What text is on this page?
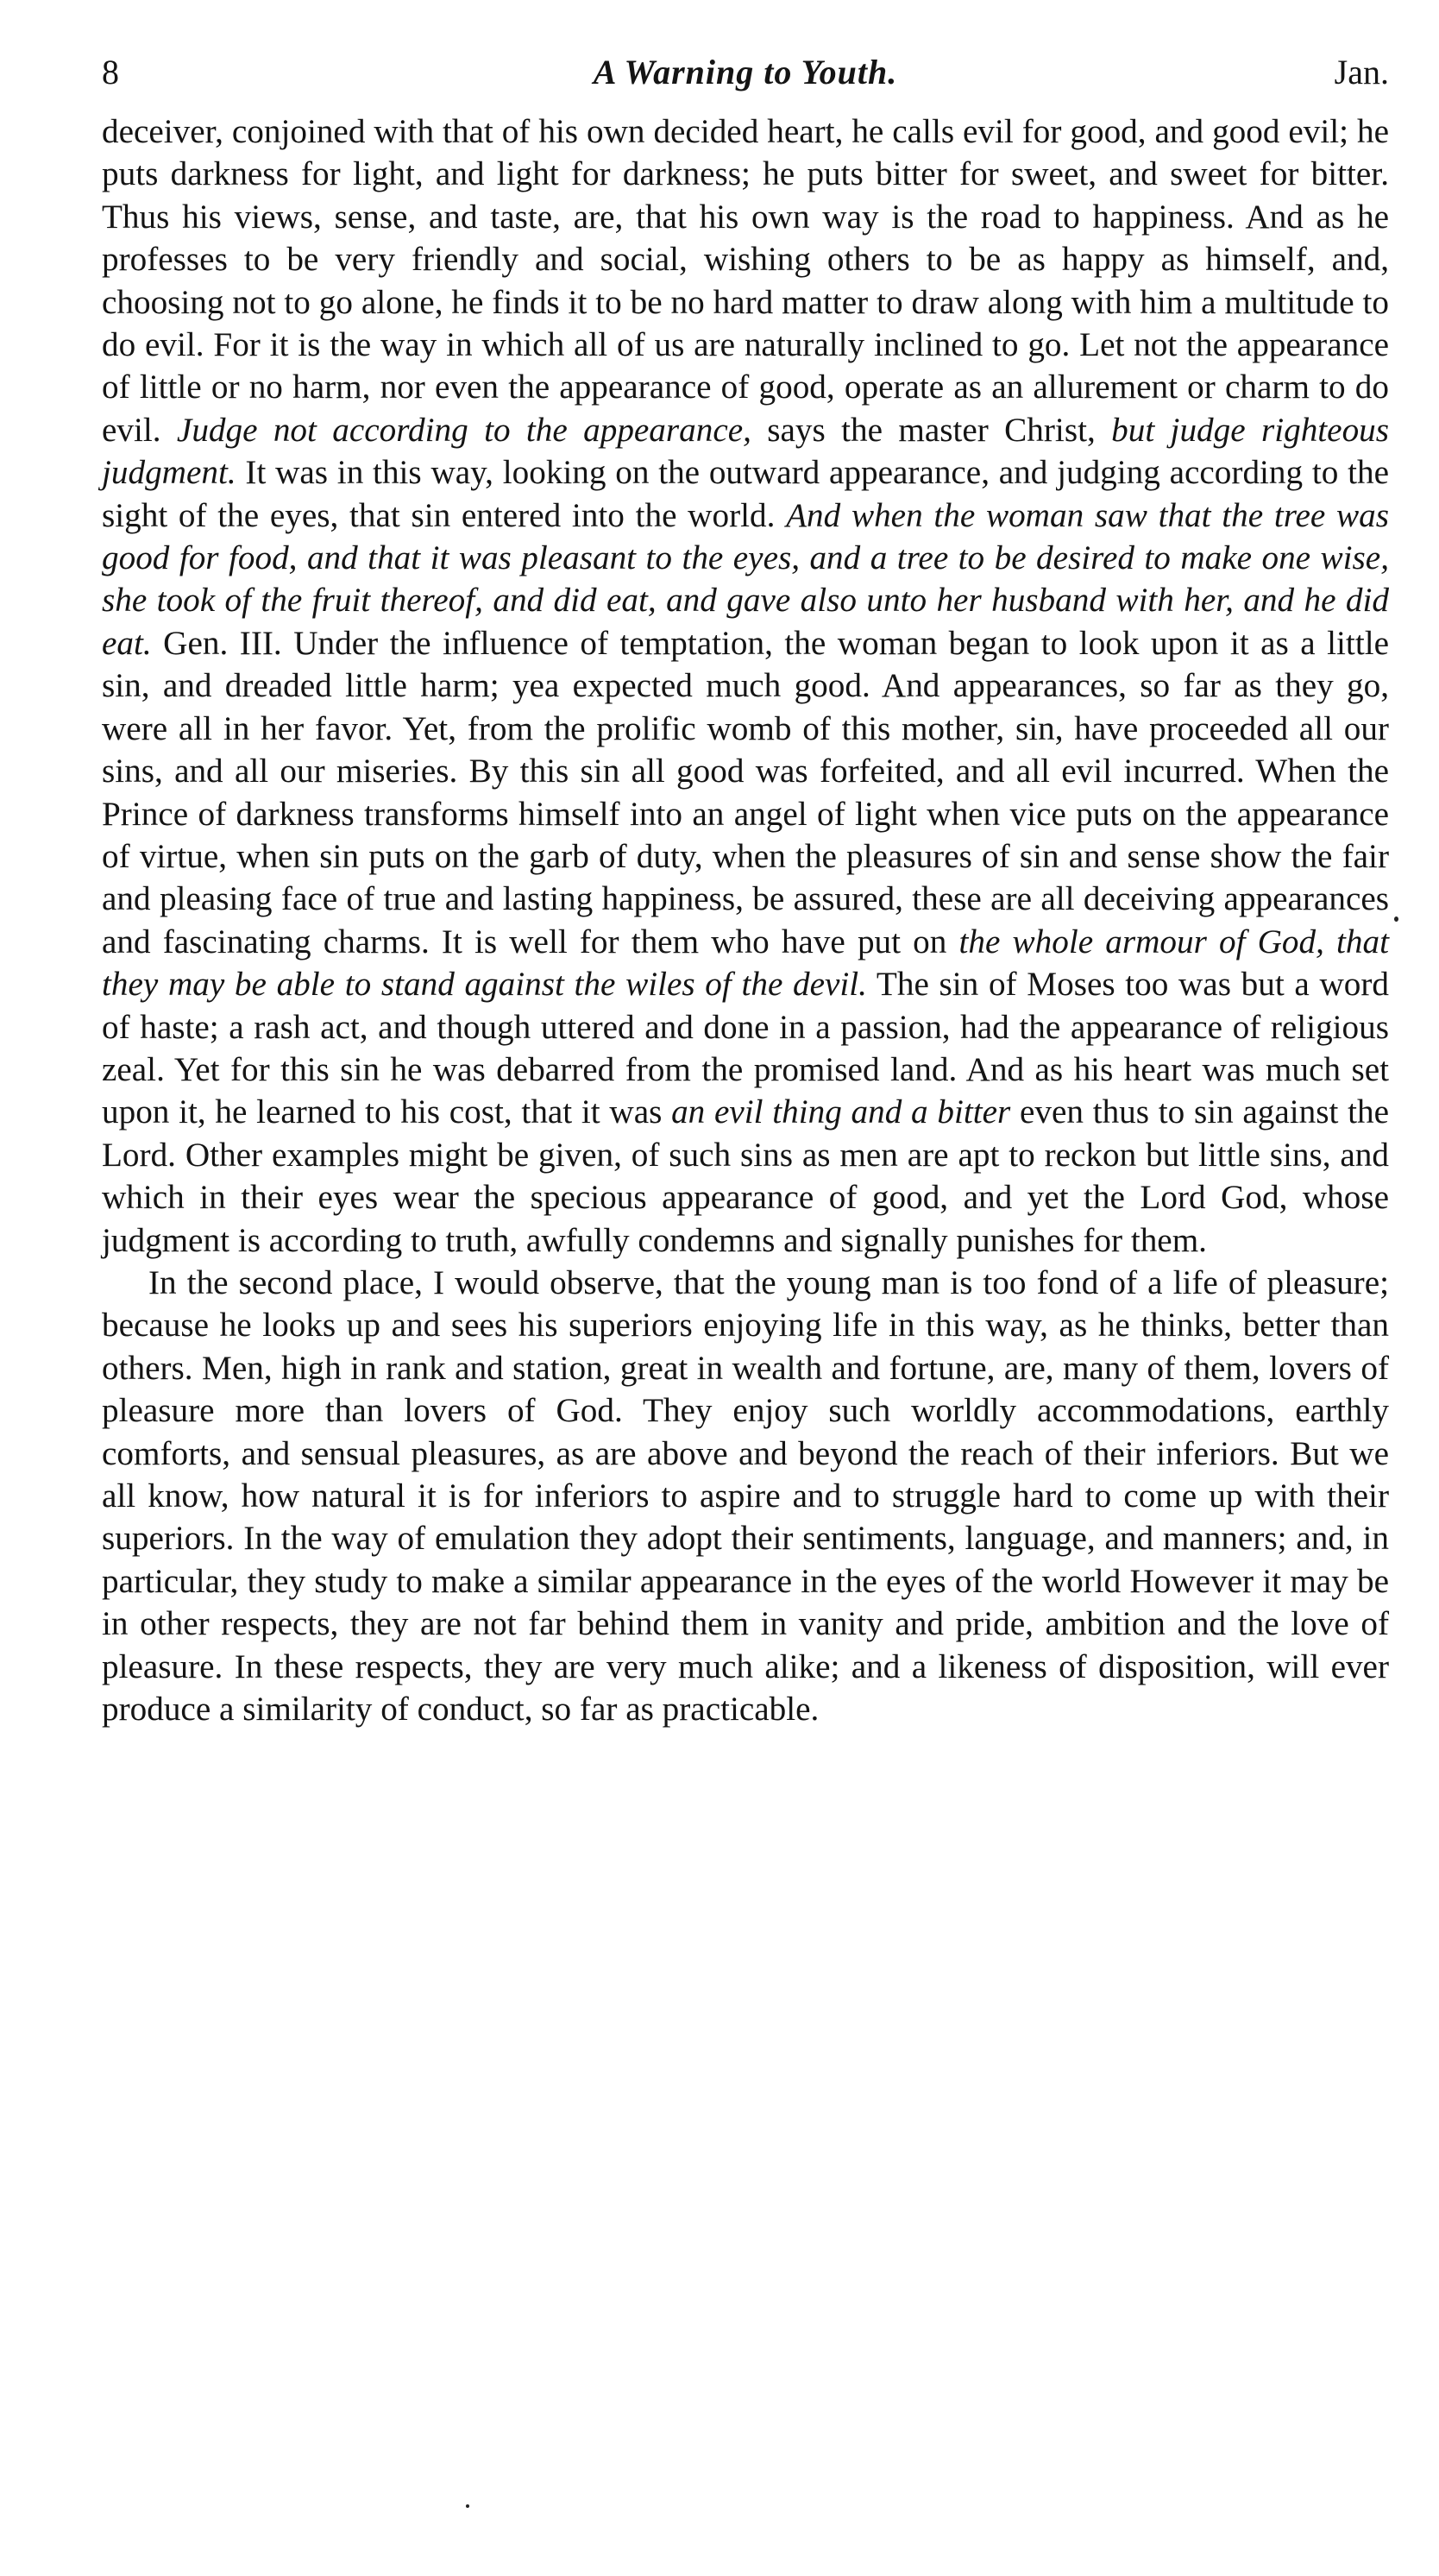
8	A Warning to Youth.	Jan.

deceiver, conjoined with that of his own decided heart, he calls evil for good, and good evil; he puts darkness for light, and light for darkness; he puts bitter for sweet, and sweet for bitter. Thus his views, sense, and taste, are, that his own way is the road to happiness. And as he professes to be very friendly and social, wishing others to be as happy as himself, and, choosing not to go alone, he finds it to be no hard matter to draw along with him a multitude to do evil. For it is the way in which all of us are naturally inclined to go. Let not the appearance of little or no harm, nor even the appearance of good, operate as an allurement or charm to do evil. Judge not according to the appearance, says the master Christ, but judge righteous judgment. It was in this way, looking on the outward appearance, and judging according to the sight of the eyes, that sin entered into the world. And when the woman saw that the tree was good for food, and that it was pleasant to the eyes, and a tree to be desired to make one wise, she took of the fruit thereof, and did eat, and gave also unto her husband with her, and he did eat. Gen. III. Under the influence of temptation, the woman began to look upon it as a little sin, and dreaded little harm; yea expected much good. And appearances, so far as they go, were all in her favor. Yet, from the prolific womb of this mother, sin, have proceeded all our sins, and all our miseries. By this sin all good was forfeited, and all evil incurred. When the Prince of darkness transforms himself into an angel of light when vice puts on the appearance of virtue, when sin puts on the garb of duty, when the pleasures of sin and sense show the fair and pleasing face of true and lasting happiness, be assured, these are all deceiving appearances and fascinating charms. It is well for them who have put on the whole armour of God, that they may be able to stand against the wiles of the devil. The sin of Moses too was but a word of haste; a rash act, and though uttered and done in a passion, had the appearance of religious zeal. Yet for this sin he was debarred from the promised land. And as his heart was much set upon it, he learned to his cost, that it was an evil thing and a bitter even thus to sin against the Lord. Other examples might be given, of such sins as men are apt to reckon but little sins, and which in their eyes wear the specious appearance of good, and yet the Lord God, whose judgment is according to truth, awfully condemns and signally punishes for them.

In the second place, I would observe, that the young man is too fond of a life of pleasure; because he looks up and sees his superiors enjoying life in this way, as he thinks, better than others. Men, high in rank and station, great in wealth and fortune, are, many of them, lovers of pleasure more than lovers of God. They enjoy such worldly accommodations, earthly comforts, and sensual pleasures, as are above and beyond the reach of their inferiors. But we all know, how natural it is for inferiors to aspire and to struggle hard to come up with their superiors. In the way of emulation they adopt their sentiments, language, and manners; and, in particular, they study to make a similar appearance in the eyes of the world However it may be in other respects, they are not far behind them in vanity and pride, ambition and the love of pleasure. In these respects, they are very much alike; and a likeness of disposition, will ever produce a similarity of conduct, so far as practicable.
